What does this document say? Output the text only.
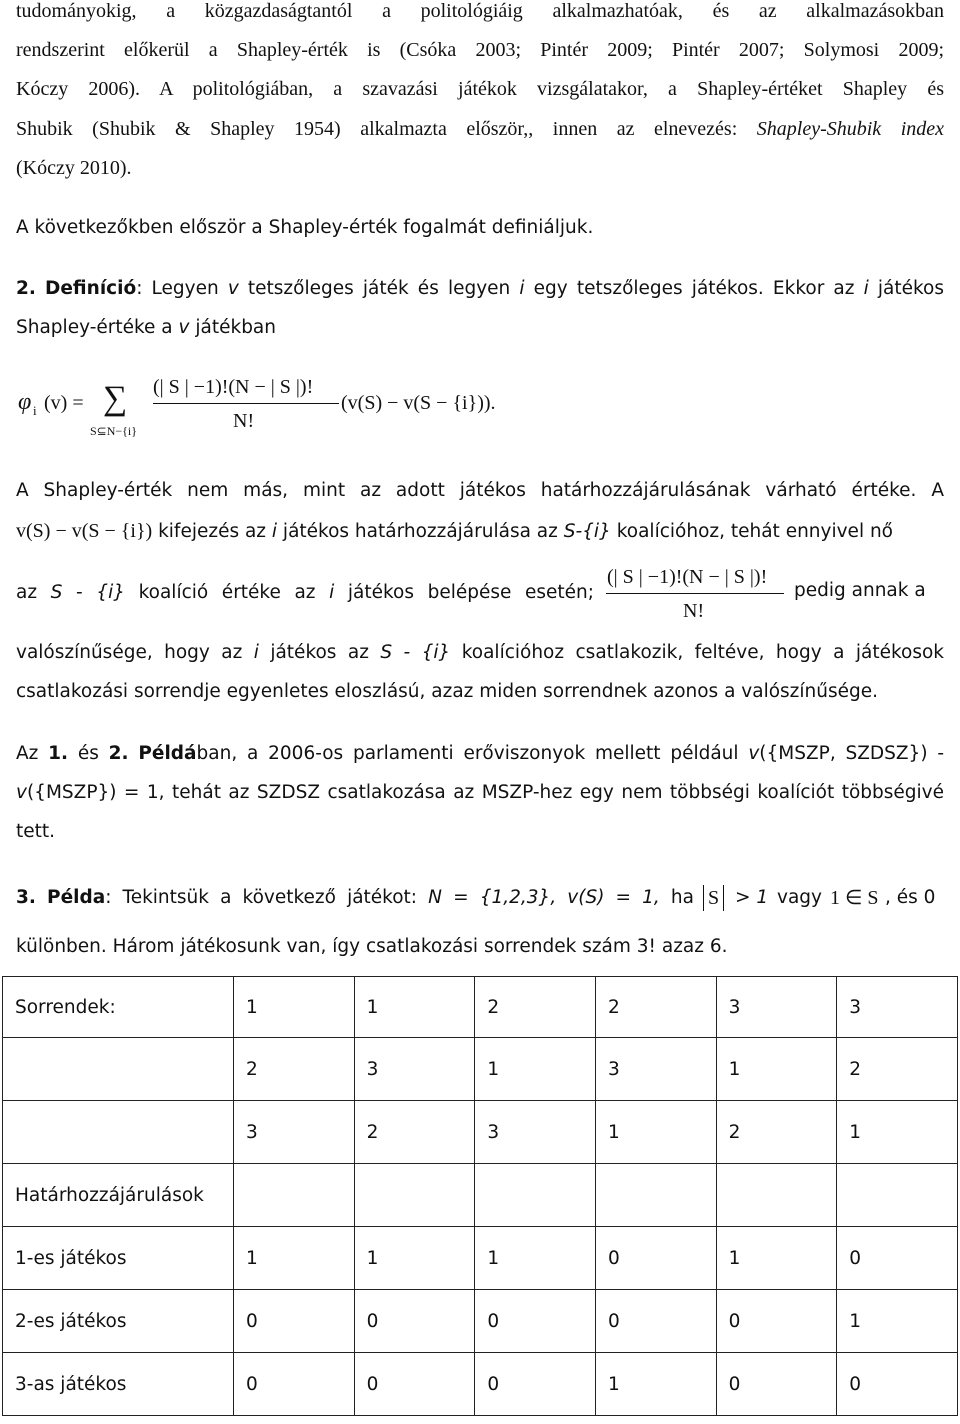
tudományokig, a közgazdaságtantól a politológiáig alkalmazhatóak, és az alkalmazásokban
rendszerint előkerül a Shapley-érték is (Csóka 2003; Pintér 2009; Pintér 2007; Solymosi 2009;
Kóczy 2006). A politológiában, a szavazási játékok vizsgálatakor, a Shapley-értéket Shapley és
Shubik (Shubik & Shapley 1954) alkalmazta először,, innen az elnevezés: Shapley-Shubik index
(Kóczy 2010).
A következőkben először a Shapley-érték fogalmát definiáljuk.
2. Definíció: Legyen v tetszőleges játék és legyen i egy tetszőleges játékos. Ekkor az i játékos
Shapley-értéke a v játékban
φ i (v) = ∑
S⊆N−{i}
(| S | −1)!(N − | S |)!
N!
(v(S) − v(S − {i})).
A Shapley-érték nem más, mint az adott játékos határhozzájárulásának várható értéke. A
v(S) − v(S − {i}) kifejezés az i játékos határhozzájárulása az S-{i} koalícióhoz, tehát ennyivel nő
az S - {i} koalíció értéke az i játékos belépése esetén;
(| S | −1)!(N − | S |)!
N!
pedig annak a
valószínűsége, hogy az i játékos az S - {i} koalícióhoz csatlakozik, feltéve, hogy a játékosok
csatlakozási sorrendje egyenletes eloszlású, azaz miden sorrendnek azonos a valószínűsége.
Az 1. és 2. Példában, a 2006-os parlamenti erőviszonyok mellett például v({MSZP, SZDSZ}) -
v({MSZP}) = 1, tehát az SZDSZ csatlakozása az MSZP-hez egy nem többségi koalíciót többségivé
tett.
3. Példa: Tekintsük a következő játékot: N = {1,2,3}, v(S) = 1, ha S > 1 vagy 1 ∈ S , és 0
különben. Három játékosunk van, így csatlakozási sorrendek szám 3! azaz 6.
Sorrendek:	1	1	2	2	3	3
	2	3	1	3	1	2
	3	2	3	1	2	1
Határhozzájárulások						
1-es játékos	1	1	1	0	1	0
2-es játékos	0	0	0	0	0	1
3-as játékos	0	0	0	1	0	0
